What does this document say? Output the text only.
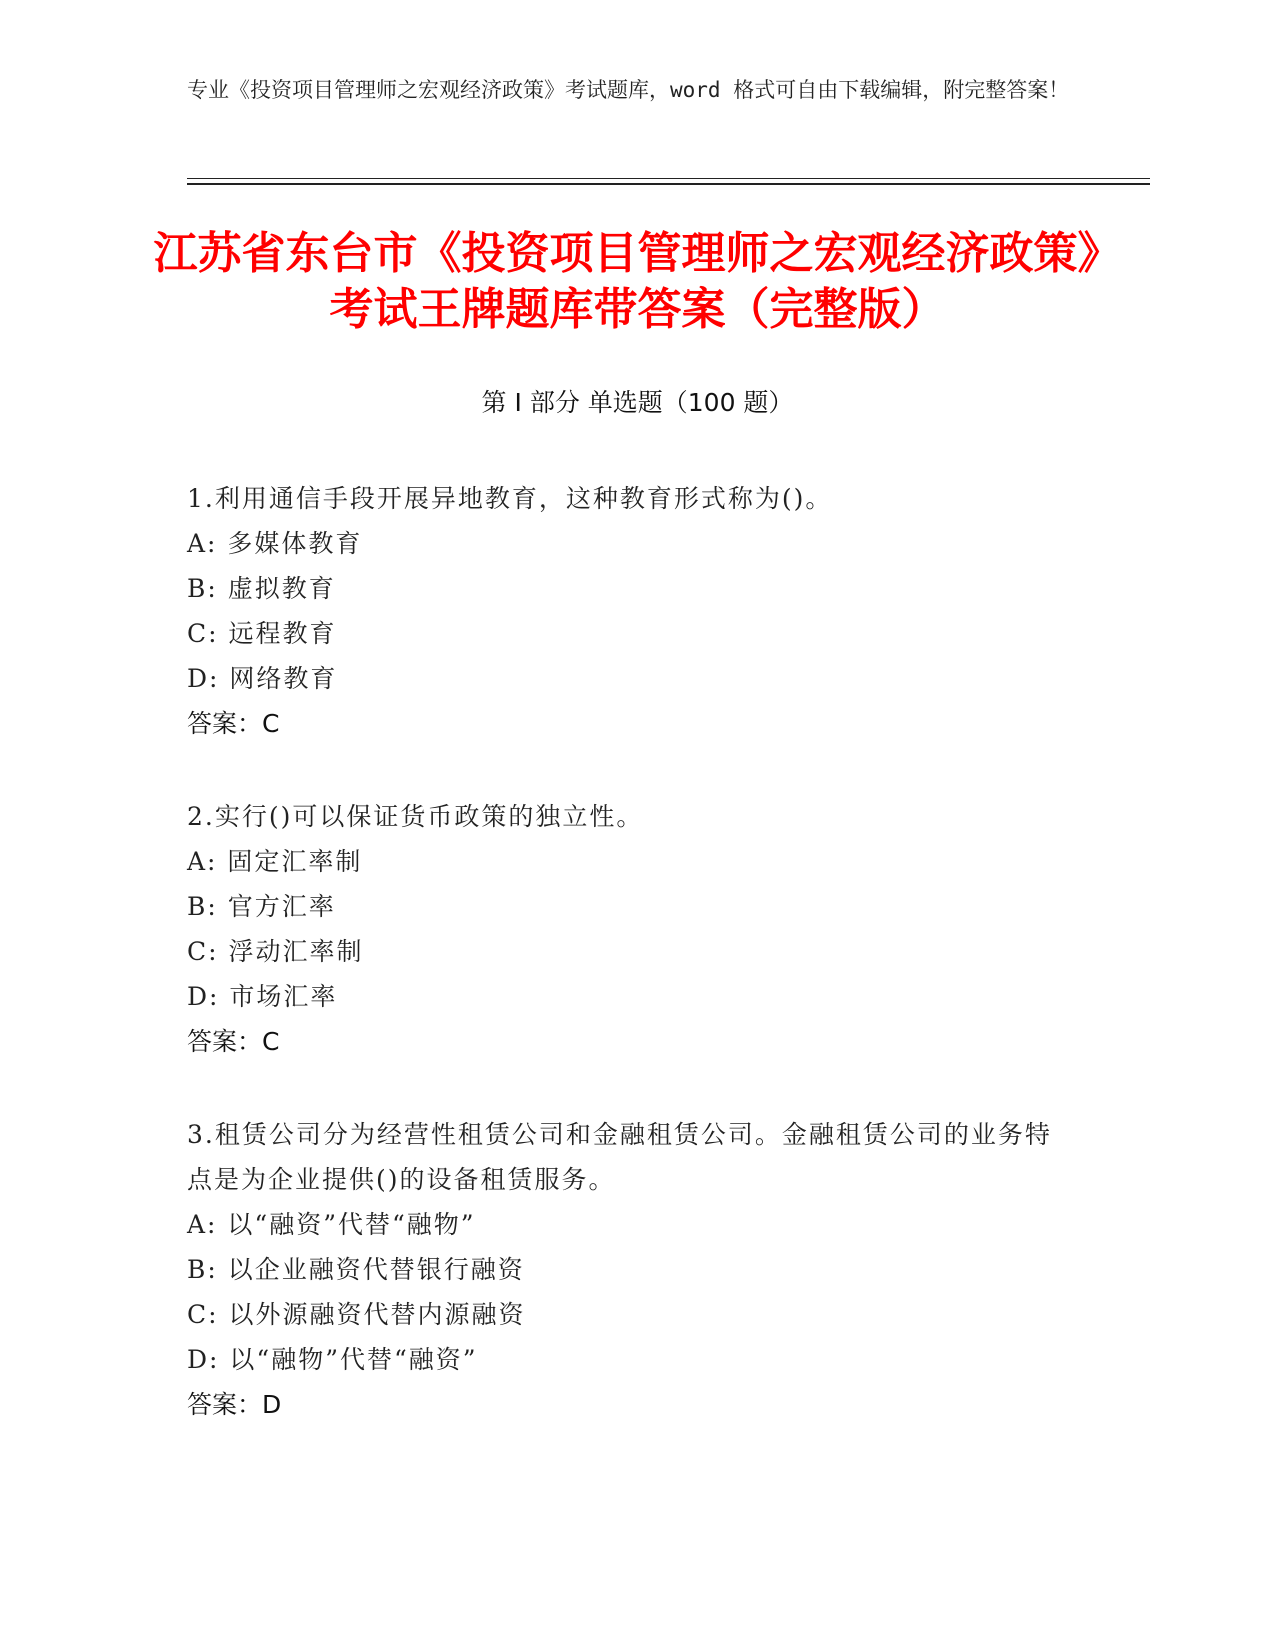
专业《投资项目管理师之宏观经济政策》考试题库，word 格式可自由下载编辑，附完整答案！
江苏省东台市《投资项目管理师之宏观经济政策》考试王牌题库带答案（完整版）
第 I 部分 单选题（100 题）
1.利用通信手段开展异地教育，这种教育形式称为()。
A: 多媒体教育
B: 虚拟教育
C: 远程教育
D: 网络教育
答案：C
2.实行()可以保证货币政策的独立性。
A: 固定汇率制
B: 官方汇率
C: 浮动汇率制
D: 市场汇率
答案：C
3.租赁公司分为经营性租赁公司和金融租赁公司。金融租赁公司的业务特点是为企业提供()的设备租赁服务。
A: 以“融资”代替“融物”
B: 以企业融资代替银行融资
C: 以外源融资代替内源融资
D: 以“融物”代替“融资”
答案：D
